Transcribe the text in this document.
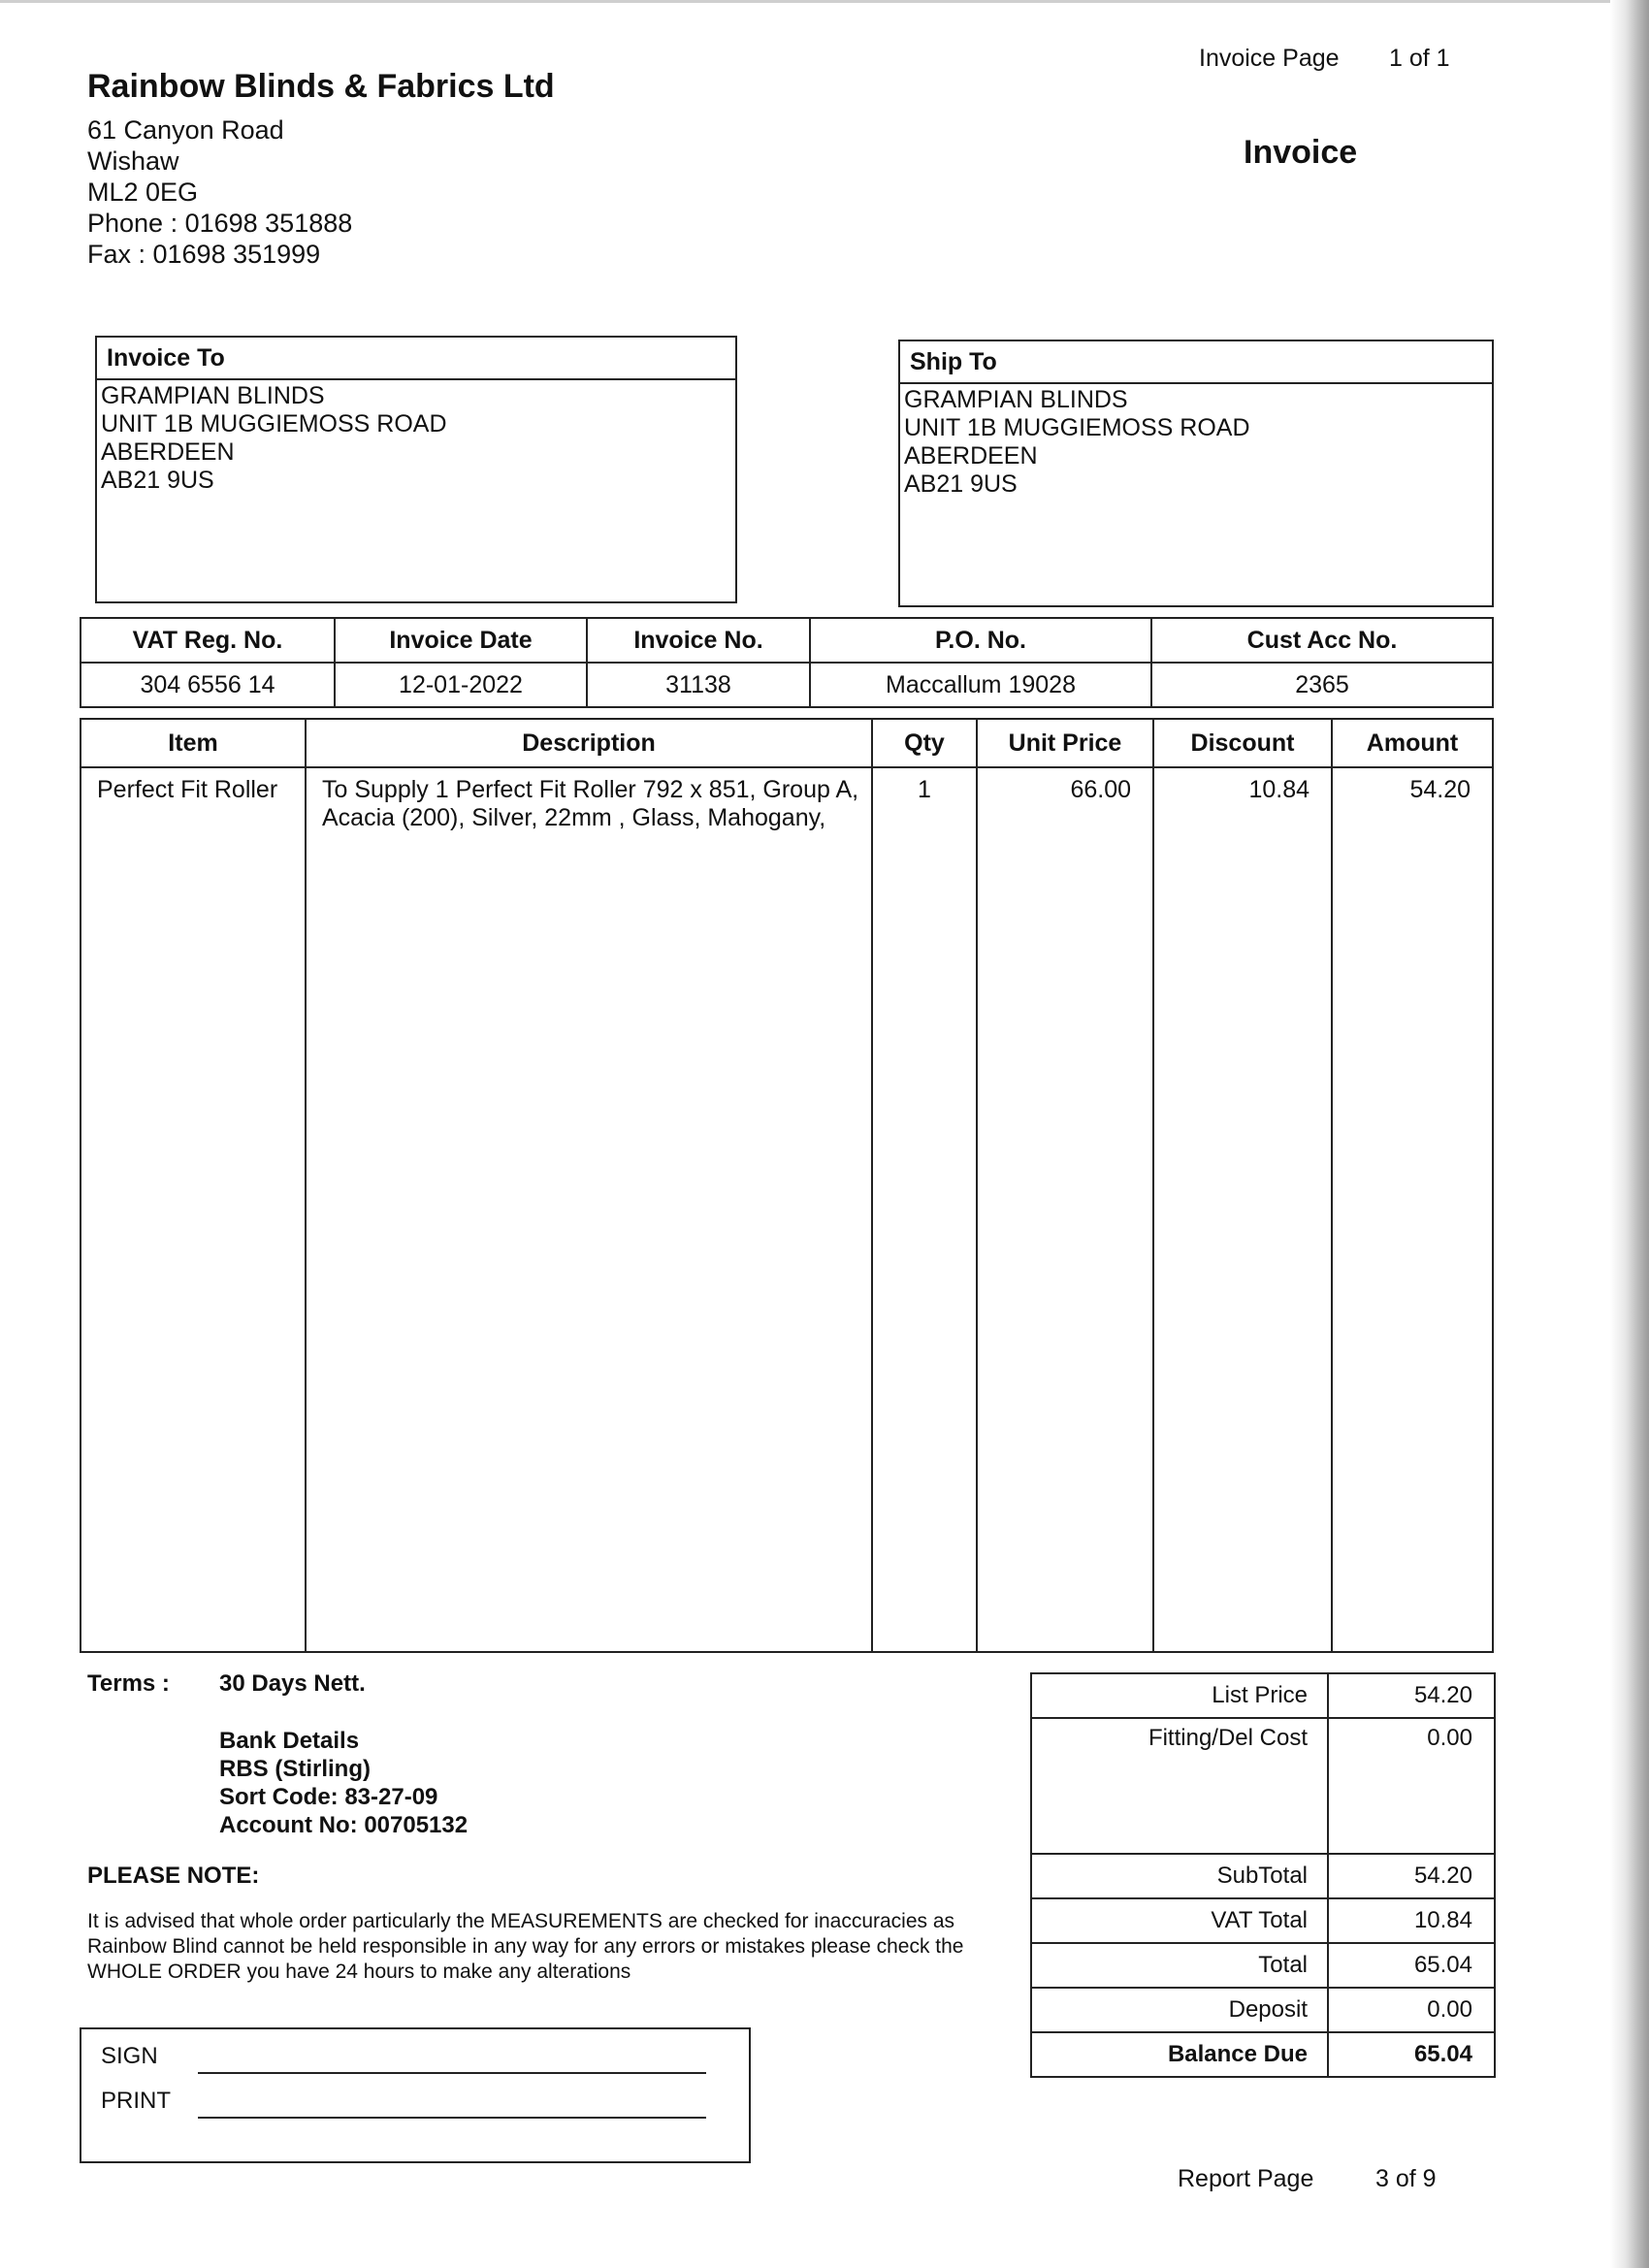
Rainbow Blinds & Fabrics Ltd
61 Canyon Road
Wishaw
ML2 0EG
Phone : 01698 351888
Fax : 01698 351999
Invoice Page 1 of 1
Invoice
Invoice To
GRAMPIAN BLINDS
UNIT 1B MUGGIEMOSS ROAD
ABERDEEN
AB21 9US
Ship To
GRAMPIAN BLINDS
UNIT 1B MUGGIEMOSS ROAD
ABERDEEN
AB21 9US
VAT Reg. No.	Invoice Date	Invoice No.	P.O. No.	Cust Acc No.
304 6556 14	12-01-2022	31138	Maccallum 19028	2365
Item	Description	Qty	Unit Price	Discount	Amount
Perfect Fit Roller	To Supply 1 Perfect Fit Roller 792 x 851, Group A, Acacia (200), Silver, 22mm , Glass, Mahogany,	1	66.00	10.84	54.20
Terms : 30 Days Nett.
Bank Details
RBS (Stirling)
Sort Code: 83-27-09
Account No: 00705132
PLEASE NOTE:
It is advised that whole order particularly the MEASUREMENTS are checked for inaccuracies as Rainbow Blind cannot be held responsible in any way for any errors or mistakes please check the WHOLE ORDER you have 24 hours to make any alterations
SIGN
PRINT
List Price	54.20
Fitting/Del Cost	0.00
SubTotal	54.20
VAT Total	10.84
Total	65.04
Deposit	0.00
Balance Due	65.04
Report Page	3 of 9
